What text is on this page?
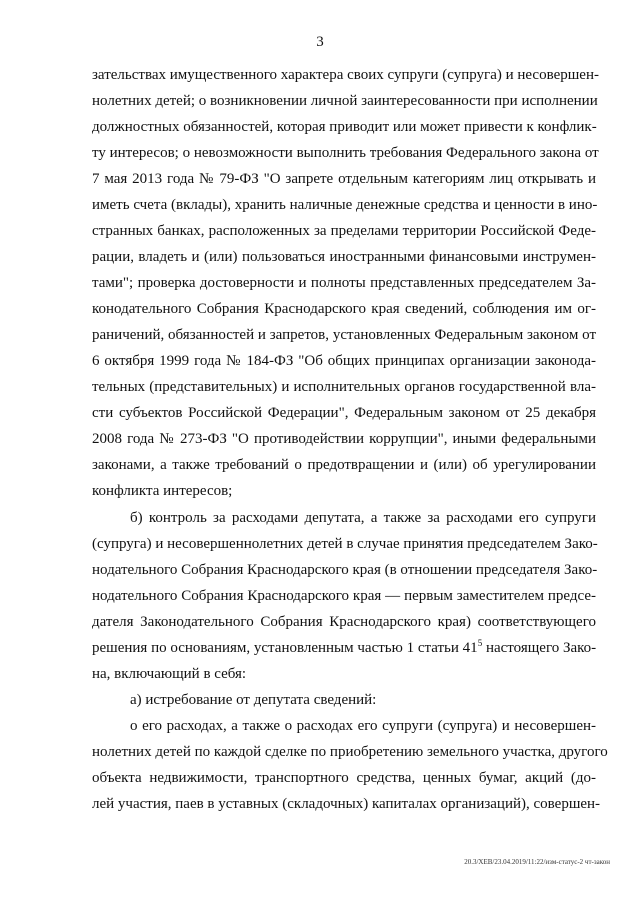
3
зательствах имущественного характера своих супруги (супруга) и несовершен-
нолетних детей; о возникновении личной заинтересованности при исполнении
должностных обязанностей, которая приводит или может привести к конфлик-
ту интересов; о невозможности выполнить требования Федерального закона от
7 мая 2013 года № 79-ФЗ "О запрете отдельным категориям лиц открывать и
иметь счета (вклады), хранить наличные денежные средства и ценности в ино-
странных банках, расположенных за пределами территории Российской Феде-
рации, владеть и (или) пользоваться иностранными финансовыми инструмен-
тами"; проверка достоверности и полноты представленных председателем За-
конодательного Собрания Краснодарского края сведений, соблюдения им ог-
раничений, обязанностей и запретов, установленных Федеральным законом от
6 октября 1999 года № 184-ФЗ "Об общих принципах организации законода-
тельных (представительных) и исполнительных органов государственной вла-
сти субъектов Российской Федерации", Федеральным законом от 25 декабря
2008 года № 273-ФЗ "О противодействии коррупции", иными федеральными
законами, а также требований о предотвращении и (или) об урегулировании
конфликта интересов;
б) контроль за расходами депутата, а также за расходами его супруги
(супруга) и несовершеннолетних детей в случае принятия председателем Зако-
нодательного Собрания Краснодарского края (в отношении председателя Зако-
нодательного Собрания Краснодарского края — первым заместителем предсе-
дателя Законодательного Собрания Краснодарского края) соответствующего
решения по основаниям, установленным частью 1 статьи $41^5$ настоящего Зако-
на, включающий в себя:
а) истребование от депутата сведений:
о его расходах, а также о расходах его супруги (супруга) и несовершен-
нолетних детей по каждой сделке по приобретению земельного участка, другого
объекта недвижимости, транспортного средства, ценных бумаг, акций (до-
лей участия, паев в уставных (складочных) капиталах организаций), совершен-
20.3/ХЕВ/23.04.2019/11:22/изм-статус-2 чт-закон
